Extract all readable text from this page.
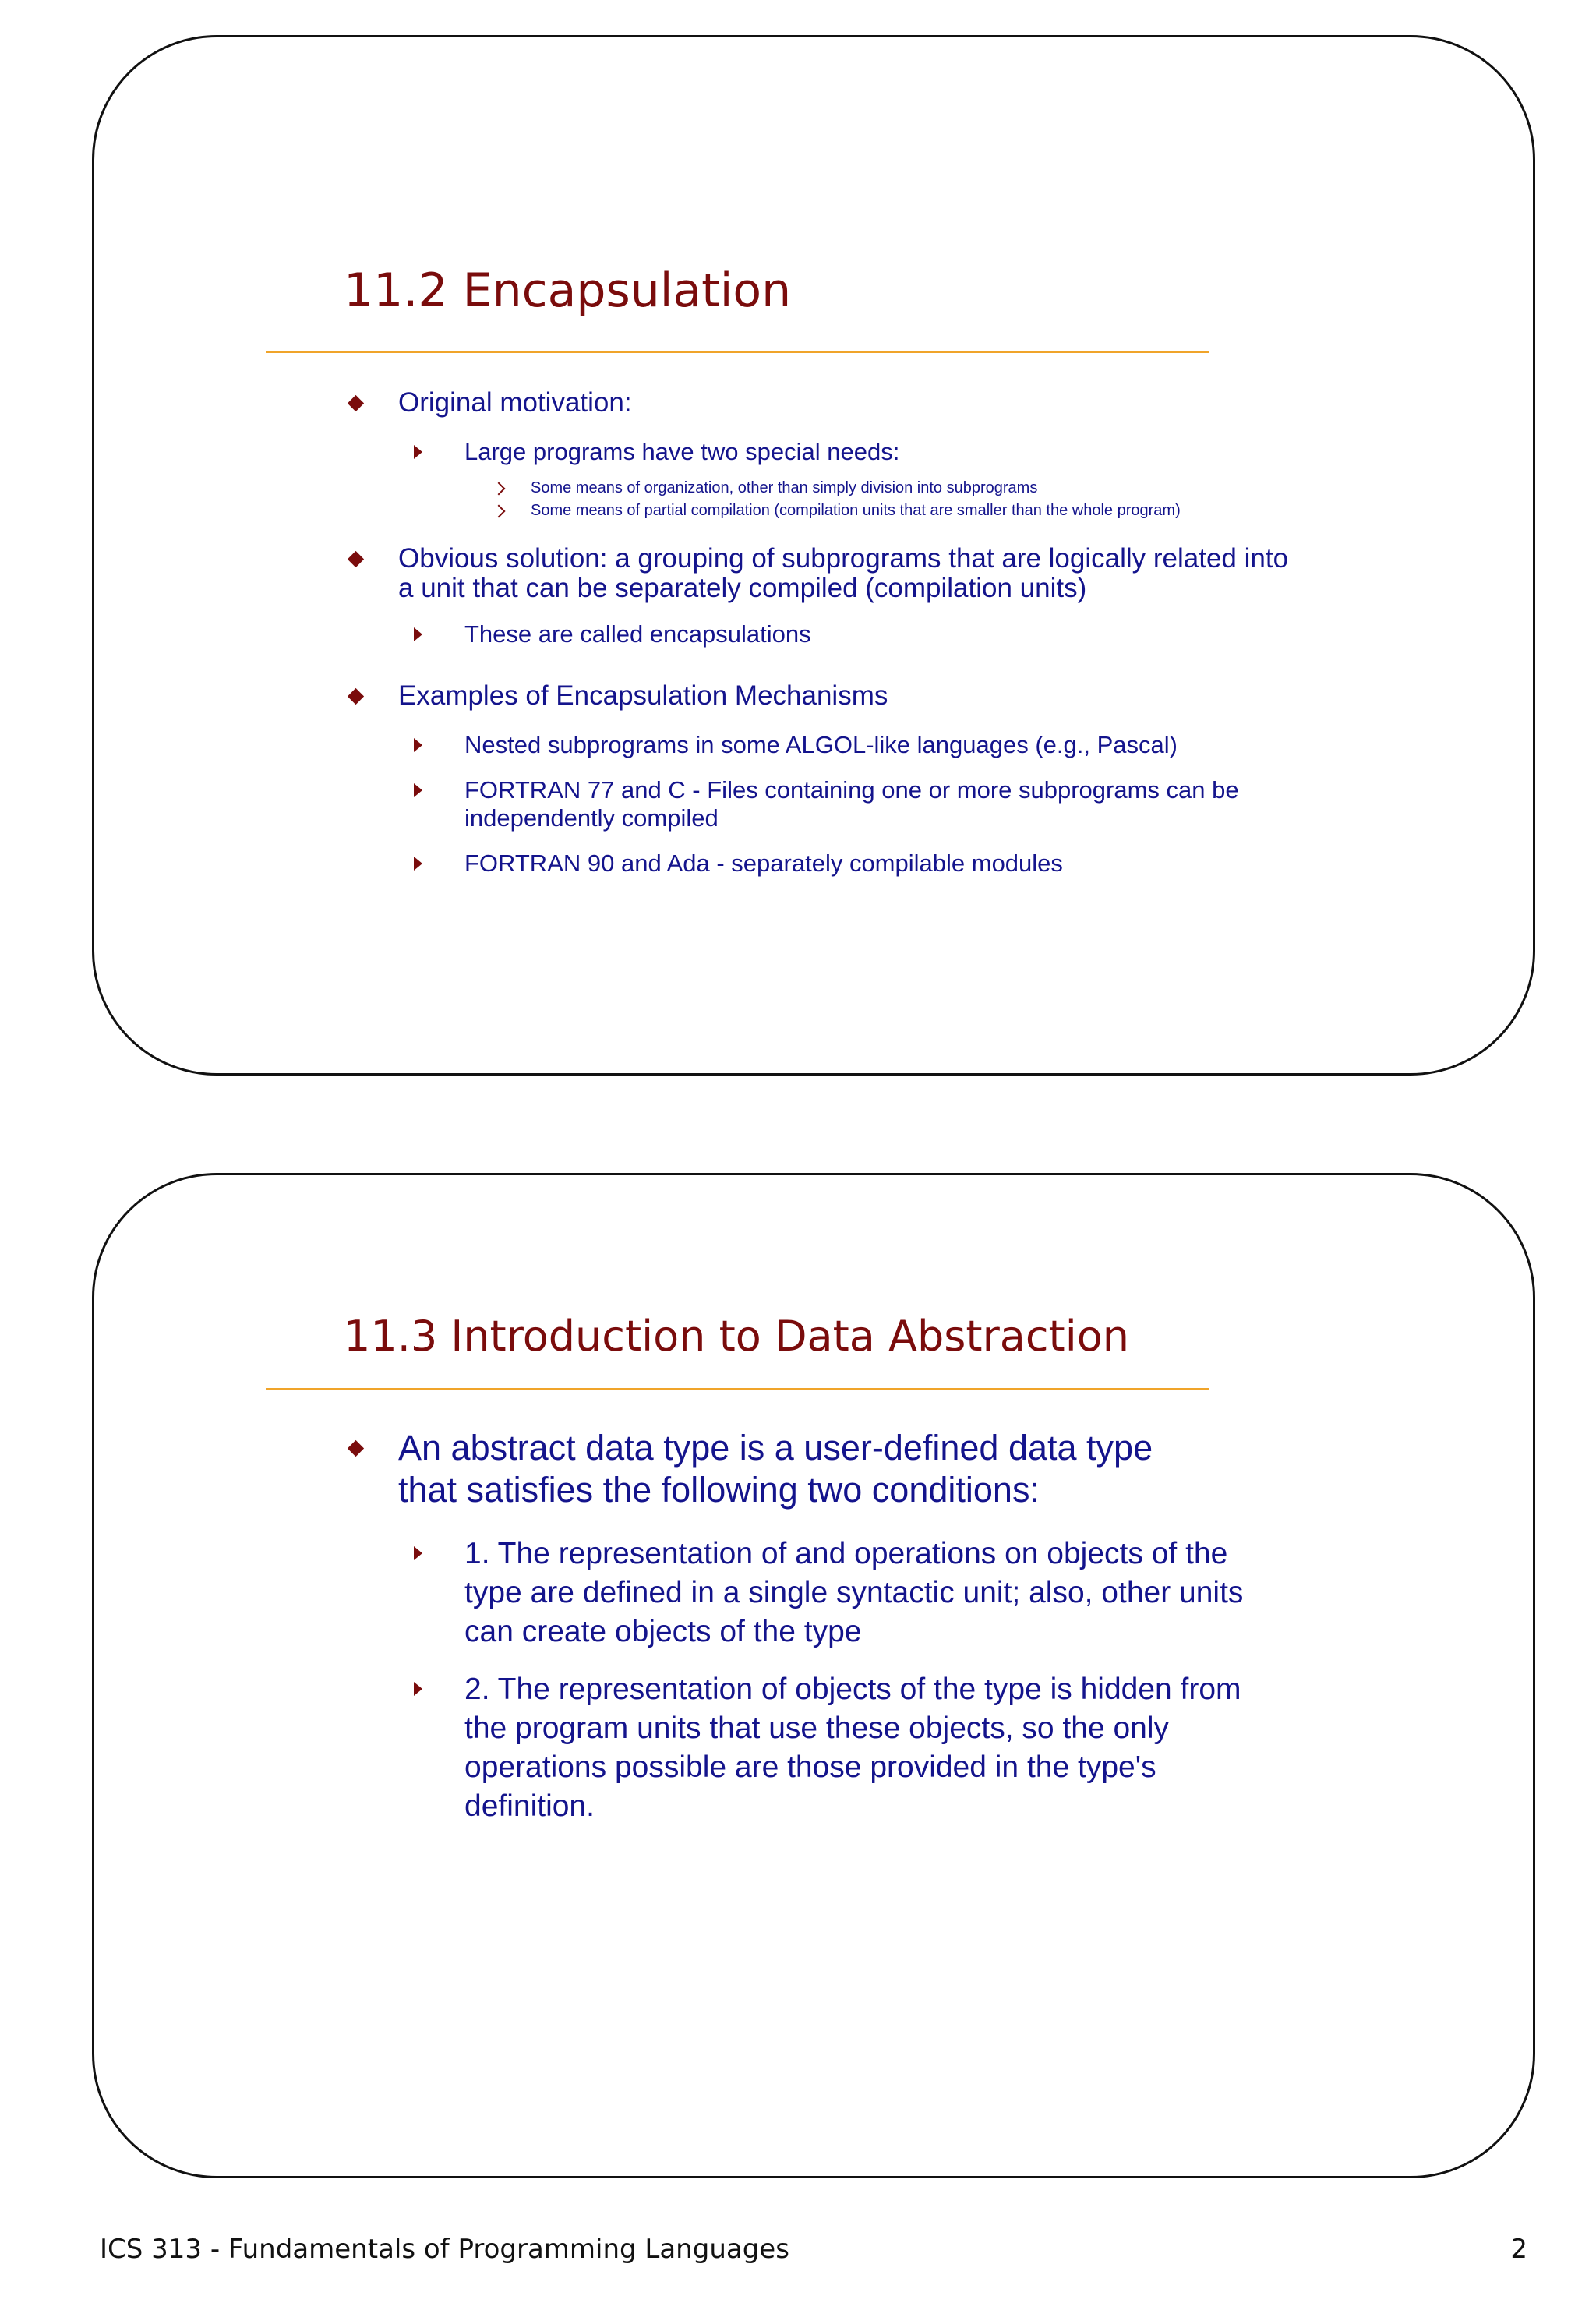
11.2 Encapsulation
Original motivation:
Large programs have two special needs:
Some means of organization, other than simply division into subprograms
Some means of partial compilation (compilation units that are smaller than the whole program)
Obvious solution: a grouping of subprograms that are logically related into a unit that can be separately compiled (compilation units)
These are called encapsulations
Examples of Encapsulation Mechanisms
Nested subprograms in some ALGOL-like languages (e.g., Pascal)
FORTRAN 77 and C - Files containing one or more subprograms can be independently compiled
FORTRAN 90 and Ada - separately compilable modules
11.3 Introduction to Data Abstraction
An abstract data type is a user-defined data type that satisfies the following two conditions:
1. The representation of and operations on objects of the type are defined in a single syntactic unit; also, other units can create objects of the type
2. The representation of objects of the type is hidden from the program units that use these objects, so the only operations possible are those provided in the type's definition.
ICS 313 - Fundamentals of Programming Languages	2
